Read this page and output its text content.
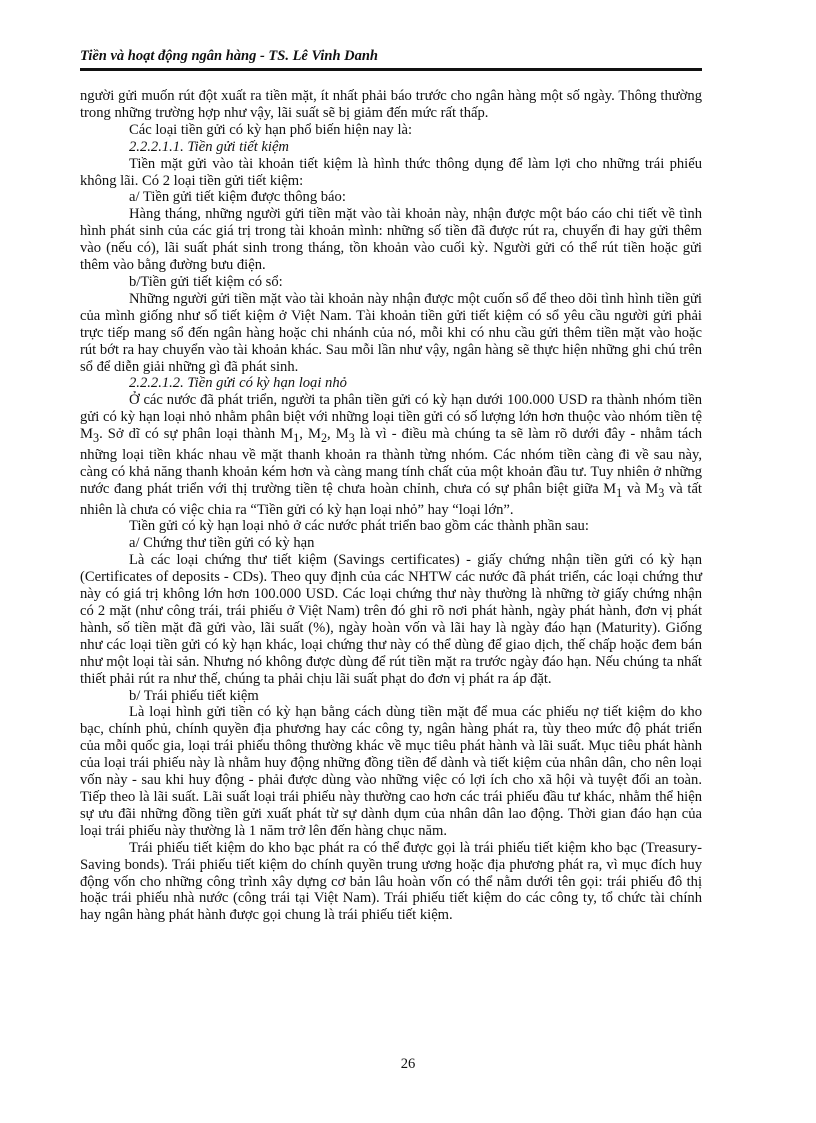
Tiền và hoạt động ngân hàng - TS. Lê Vinh Danh

người gửi muốn rút đột xuất ra tiền mặt, ít nhất phải báo trước cho ngân hàng một số ngày. Thông thường trong những trường hợp như vậy, lãi suất sẽ bị giảm đến mức rất thấp.

Các loại tiền gửi có kỳ hạn phổ biến hiện nay là:

2.2.2.1.1. Tiền gửi tiết kiệm

Tiền mặt gửi vào tài khoản tiết kiệm là hình thức thông dụng để làm lợi cho những trái phiếu không lãi. Có 2 loại tiền gửi tiết kiệm:

a/ Tiền gửi tiết kiệm được thông báo:

Hàng tháng, những người gửi tiền mặt vào tài khoản này, nhận được một báo cáo chi tiết về tình hình phát sinh của các giá trị trong tài khoản mình: những số tiền đã được rút ra, chuyển đi hay gửi thêm vào (nếu có), lãi suất phát sinh trong tháng, tồn khoản vào cuối kỳ. Người gửi có thể rút tiền hoặc gửi thêm vào bằng đường bưu điện.

b/Tiền gửi tiết kiệm có sổ:

Những người gửi tiền mặt vào tài khoản này nhận được một cuốn sổ để theo dõi tình hình tiền gửi của mình giống như sổ tiết kiệm ở Việt Nam. Tài khoản tiền gửi tiết kiệm có sổ yêu cầu người gửi phải trực tiếp mang sổ đến ngân hàng hoặc chi nhánh của nó, mỗi khi có nhu cầu gửi thêm tiền mặt vào hoặc rút bớt ra hay chuyển vào tài khoản khác. Sau mỗi lần như vậy, ngân hàng sẽ thực hiện những ghi chú trên sổ để diễn giải những gì đã phát sinh.

2.2.2.1.2. Tiền gửi có kỳ hạn loại nhỏ

Ở các nước đã phát triển, người ta phân tiền gửi có kỳ hạn dưới 100.000 USD ra thành nhóm tiền gửi có kỳ hạn loại nhỏ nhằm phân biệt với những loại tiền gửi có số lượng lớn hơn thuộc vào nhóm tiền tệ $M_3$. Sở dĩ có sự phân loại thành $M_1$, $M_2$, $M_3$ là vì - điều mà chúng ta sẽ làm rõ dưới đây - nhằm tách những loại tiền khác nhau về mặt thanh khoản ra thành từng nhóm. Các nhóm tiền càng đi về sau này, càng có khả năng thanh khoản kém hơn và càng mang tính chất của một khoản đầu tư. Tuy nhiên ở những nước đang phát triển với thị trường tiền tệ chưa hoàn chỉnh, chưa có sự phân biệt giữa $M_1$ và $M_3$ và tất nhiên là chưa có việc chia ra “Tiền gửi có kỳ hạn loại nhỏ” hay “loại lớn”.

Tiền gửi có kỳ hạn loại nhỏ ở các nước phát triển bao gồm các thành phần sau:

a/ Chứng thư tiền gửi có kỳ hạn

Là các loại chứng thư tiết kiệm (Savings certificates) - giấy chứng nhận tiền gửi có kỳ hạn (Certificates of deposits - CDs). Theo quy định của các NHTW các nước đã phát triển, các loại chứng thư này có giá trị không lớn hơn 100.000 USD. Các loại chứng thư này thường là những tờ giấy chứng nhận có 2 mặt (như công trái, trái phiếu ở Việt Nam) trên đó ghi rõ nơi phát hành, ngày phát hành, đơn vị phát hành, số tiền mặt đã gửi vào, lãi suất (%), ngày hoàn vốn và lãi hay là ngày đáo hạn (Maturity). Giống như các loại tiền gửi có kỳ hạn khác, loại chứng thư này có thể dùng để giao dịch, thế chấp hoặc đem bán như một loại tài sản. Nhưng nó không được dùng để rút tiền mặt ra trước ngày đáo hạn. Nếu chúng ta nhất thiết phải rút ra như thế, chúng ta phải chịu lãi suất phạt do đơn vị phát ra áp đặt.

b/ Trái phiếu tiết kiệm

Là loại hình gửi tiền có kỳ hạn bằng cách dùng tiền mặt để mua các phiếu nợ tiết kiệm do kho bạc, chính phủ, chính quyền địa phương hay các công ty, ngân hàng phát ra, tùy theo mức độ phát triển của mỗi quốc gia, loại trái phiếu thông thường khác về mục tiêu phát hành và lãi suất. Mục tiêu phát hành của loại trái phiếu này là nhằm huy động những đồng tiền để dành và tiết kiệm của nhân dân, cho nên loại vốn này - sau khi huy động - phải được dùng vào những việc có lợi ích cho xã hội và tuyệt đối an toàn. Tiếp theo là lãi suất. Lãi suất loại trái phiếu này thường cao hơn các trái phiếu đầu tư khác, nhằm thể hiện sự ưu đãi những đồng tiền gửi xuất phát từ sự dành dụm của nhân dân lao động. Thời gian đáo hạn của loại trái phiếu này thường là 1 năm trở lên đến hàng chục năm.

Trái phiếu tiết kiệm do kho bạc phát ra có thể được gọi là trái phiếu tiết kiệm kho bạc (Treasury-Saving bonds). Trái phiếu tiết kiệm do chính quyền trung ương hoặc địa phương phát ra, vì mục đích huy động vốn cho những công trình xây dựng cơ bản lâu hoàn vốn có thể nằm dưới tên gọi: trái phiếu đô thị hoặc trái phiếu nhà nước (công trái tại Việt Nam). Trái phiếu tiết kiệm do các công ty, tổ chức tài chính hay ngân hàng phát hành được gọi chung là trái phiếu tiết kiệm.

26
